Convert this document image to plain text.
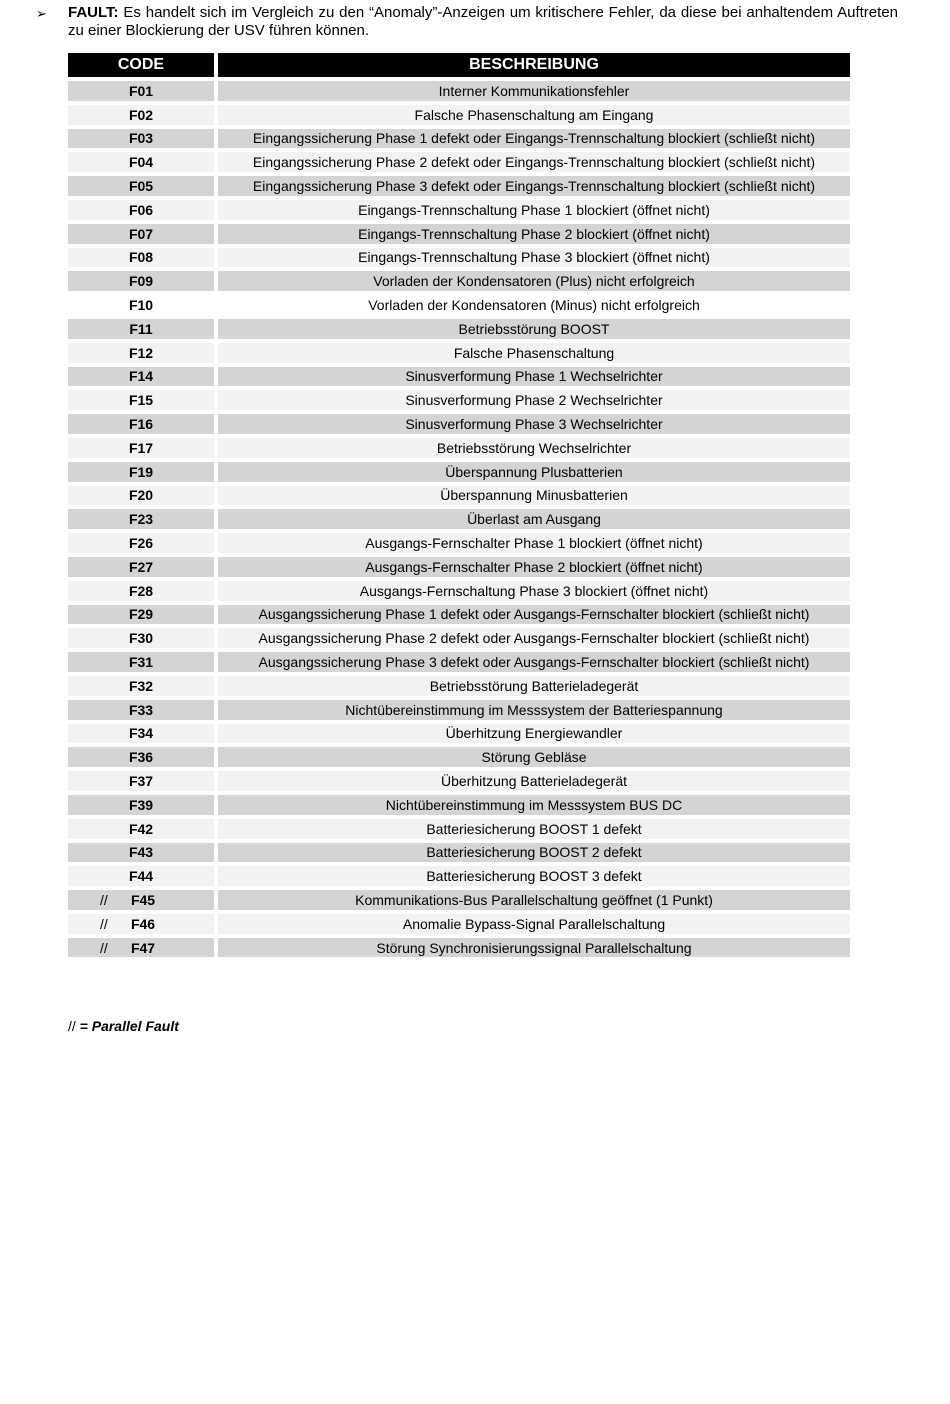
➢ FAULT: Es handelt sich im Vergleich zu den “Anomaly”-Anzeigen um kritischere Fehler, da diese bei anhaltendem Auftreten zu einer Blockierung der USV führen können.

CODE	BESCHREIBUNG
F01	Interner Kommunikationsfehler
F02	Falsche Phasenschaltung am Eingang
F03	Eingangssicherung Phase 1 defekt oder Eingangs-Trennschaltung blockiert (schließt nicht)
F04	Eingangssicherung Phase 2 defekt oder Eingangs-Trennschaltung blockiert (schließt nicht)
F05	Eingangssicherung Phase 3 defekt oder Eingangs-Trennschaltung blockiert (schließt nicht)
F06	Eingangs-Trennschaltung Phase 1 blockiert (öffnet nicht)
F07	Eingangs-Trennschaltung Phase 2 blockiert (öffnet nicht)
F08	Eingangs-Trennschaltung Phase 3 blockiert (öffnet nicht)
F09	Vorladen der Kondensatoren (Plus) nicht erfolgreich
F10	Vorladen der Kondensatoren (Minus) nicht erfolgreich
F11	Betriebsstörung BOOST
F12	Falsche Phasenschaltung
F14	Sinusverformung Phase 1 Wechselrichter
F15	Sinusverformung Phase 2 Wechselrichter
F16	Sinusverformung Phase 3 Wechselrichter
F17	Betriebsstörung Wechselrichter
F19	Überspannung Plusbatterien
F20	Überspannung Minusbatterien
F23	Überlast am Ausgang
F26	Ausgangs-Fernschalter Phase 1 blockiert (öffnet nicht)
F27	Ausgangs-Fernschalter Phase 2 blockiert (öffnet nicht)
F28	Ausgangs-Fernschaltung Phase 3 blockiert (öffnet nicht)
F29	Ausgangssicherung Phase 1 defekt oder Ausgangs-Fernschalter blockiert (schließt nicht)
F30	Ausgangssicherung Phase 2 defekt oder Ausgangs-Fernschalter blockiert (schließt nicht)
F31	Ausgangssicherung Phase 3 defekt oder Ausgangs-Fernschalter blockiert (schließt nicht)
F32	Betriebsstörung Batterieladegerät
F33	Nichtübereinstimmung im Messsystem der Batteriespannung
F34	Überhitzung Energiewandler
F36	Störung Gebläse
F37	Überhitzung Batterieladegerät
F39	Nichtübereinstimmung im Messsystem BUS DC
F42	Batteriesicherung BOOST 1 defekt
F43	Batteriesicherung BOOST 2 defekt
F44	Batteriesicherung BOOST 3 defekt
// F45	Kommunikations-Bus Parallelschaltung geöffnet (1 Punkt)
// F46	Anomalie Bypass-Signal Parallelschaltung
// F47	Störung Synchronisierungssignal Parallelschaltung
// = Parallel Fault
